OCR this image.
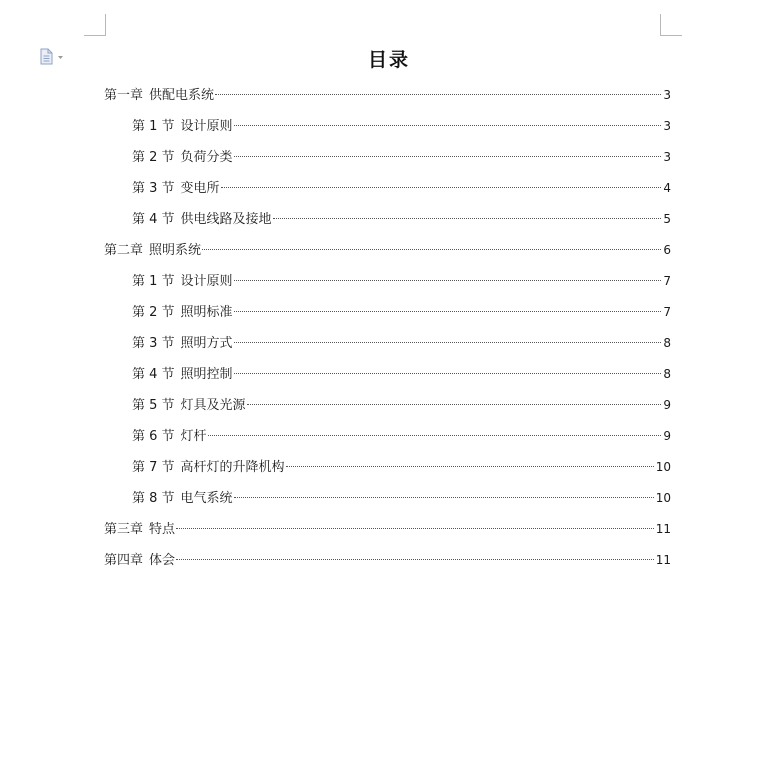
目录
第一章 供配电系统	3
第 1 节 设计原则	3
第 2 节 负荷分类	3
第 3 节 变电所	4
第 4 节 供电线路及接地	5
第二章 照明系统	6
第 1 节 设计原则	7
第 2 节 照明标准	7
第 3 节 照明方式	8
第 4 节 照明控制	8
第 5 节 灯具及光源	9
第 6 节 灯杆	9
第 7 节 高杆灯的升降机构	10
第 8 节 电气系统	10
第三章 特点	11
第四章 体会	11
